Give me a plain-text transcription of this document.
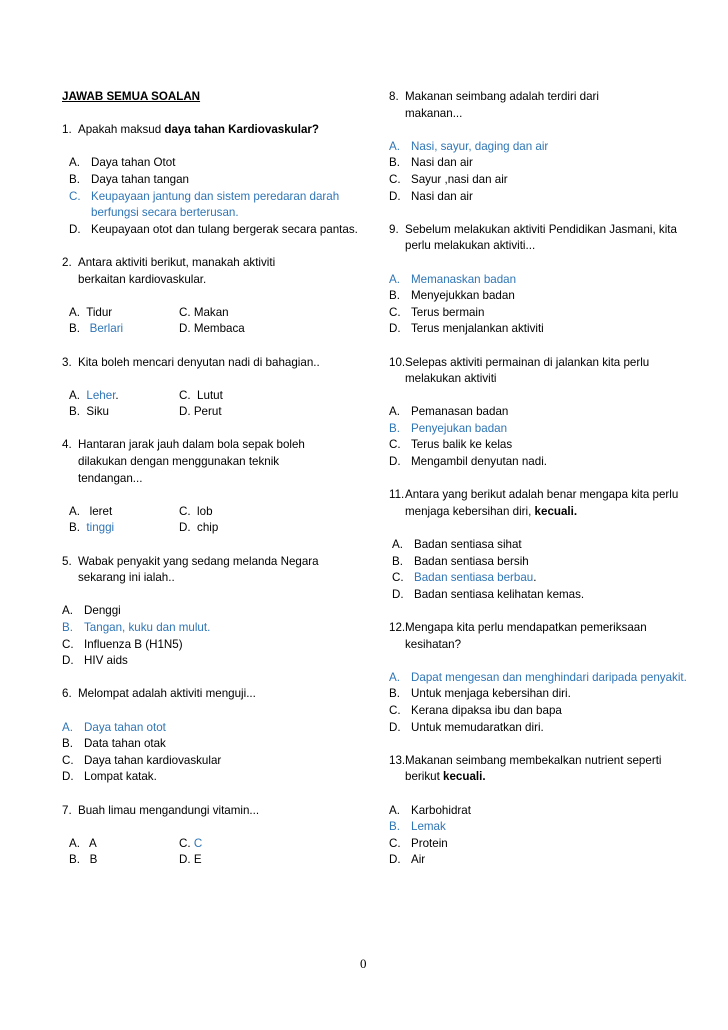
JAWAB SEMUA SOALAN
1. Apakah maksud daya tahan Kardiovaskular?
A. Daya tahan Otot
B. Daya tahan tangan
C. Keupayaan jantung dan sistem peredaran darah berfungsi secara berterusan.
D. Keupayaan otot dan tulang bergerak secara pantas.
2. Antara aktiviti berikut, manakah aktiviti berkaitan kardiovaskular.
A.  Tidur	C. Makan
B.   Berlari	D. Membaca
3. Kita boleh mencari denyutan nadi di bahagian..
A.  Leher.	C.  Lutut
B.  Siku	D. Perut
4. Hantaran jarak jauh dalam bola sepak boleh dilakukan dengan menggunakan teknik tendangan...
A.   leret	C.  lob
B.  tinggi	D.  chip
5. Wabak penyakit yang sedang melanda Negara sekarang ini ialah..
A. Denggi
B. Tangan, kuku dan mulut.
C. Influenza B (H1N5)
D. HIV aids
6. Melompat adalah aktiviti menguji...
A. Daya tahan otot
B. Data tahan otak
C. Daya tahan kardiovaskular
D. Lompat katak.
7. Buah limau mengandungi vitamin...
A.   A	C. C
B.   B	D. E
8. Makanan seimbang adalah terdiri dari makanan...
A. Nasi, sayur, daging dan air
B. Nasi dan air
C. Sayur ,nasi dan air
D. Nasi dan air
9. Sebelum melakukan aktiviti Pendidikan Jasmani, kita perlu melakukan aktiviti...
A. Memanaskan badan
B. Menyejukkan badan
C. Terus bermain
D. Terus menjalankan aktiviti
10. Selepas aktiviti permainan di jalankan kita perlu melakukan aktiviti
A. Pemanasan badan
B. Penyejukan badan
C. Terus balik ke kelas
D. Mengambil denyutan nadi.
11. Antara yang berikut adalah benar mengapa kita perlu menjaga kebersihan diri, kecuali.
A. Badan sentiasa sihat
B. Badan sentiasa bersih
C. Badan sentiasa berbau.
D. Badan sentiasa kelihatan kemas.
12. Mengapa kita perlu mendapatkan pemeriksaan kesihatan?
A. Dapat mengesan dan menghindari daripada penyakit.
B. Untuk menjaga kebersihan diri.
C. Kerana dipaksa ibu dan bapa
D. Untuk memudaratkan diri.
13. Makanan seimbang membekalkan nutrient seperti berikut kecuali.
A. Karbohidrat
B. Lemak
C. Protein
D. Air
0
